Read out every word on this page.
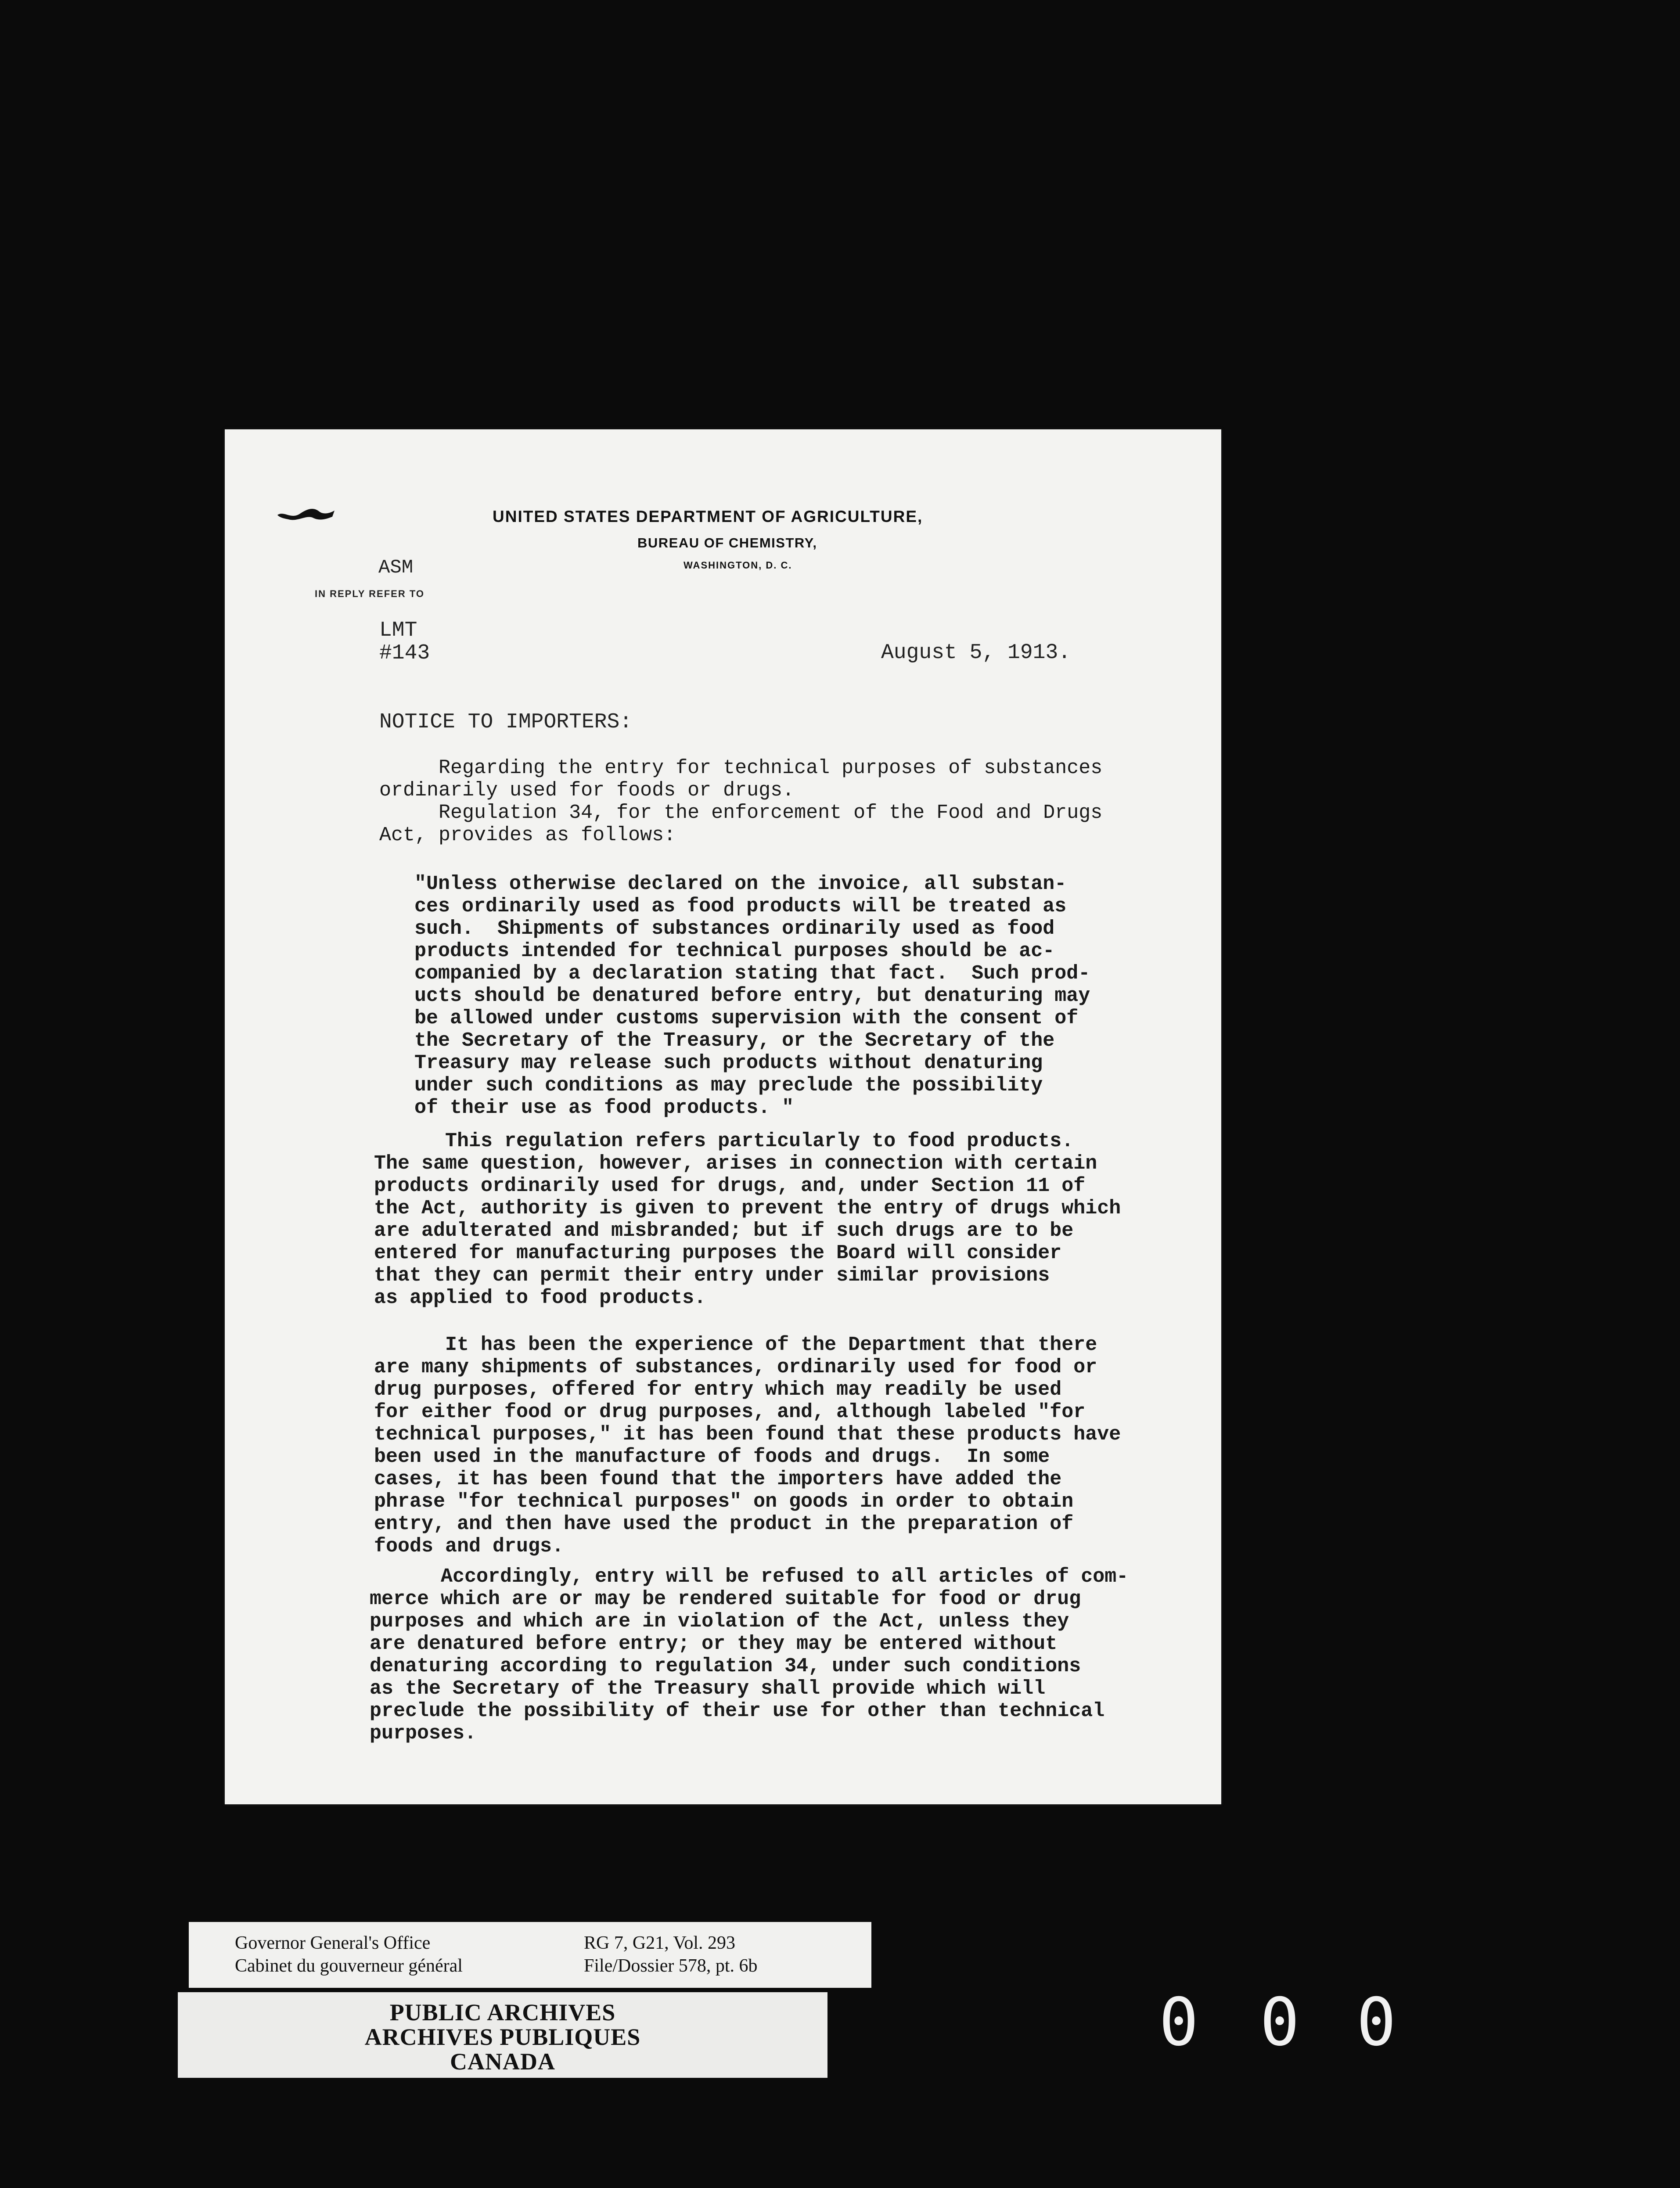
UNITED STATES DEPARTMENT OF AGRICULTURE,
BUREAU OF CHEMISTRY,
WASHINGTON, D. C.
ASM
IN REPLY REFER TO
LMT
#143	August 5, 1913.
NOTICE TO IMPORTERS:
Regarding the entry for technical purposes of substances
ordinarily used for foods or drugs.
Regulation 34, for the enforcement of the Food and Drugs
Act, provides as follows:
"Unless otherwise declared on the invoice, all substan-
ces ordinarily used as food products will be treated as
such.  Shipments of substances ordinarily used as food
products intended for technical purposes should be ac-
companied by a declaration stating that fact.  Such prod-
ucts should be denatured before entry, but denaturing may
be allowed under customs supervision with the consent of
the Secretary of the Treasury, or the Secretary of the
Treasury may release such products without denaturing
under such conditions as may preclude the possibility
of their use as food products. "
This regulation refers particularly to food products.
The same question, however, arises in connection with certain
products ordinarily used for drugs, and, under Section 11 of
the Act, authority is given to prevent the entry of drugs which
are adulterated and misbranded; but if such drugs are to be
entered for manufacturing purposes the Board will consider
that they can permit their entry under similar provisions
as applied to food products.
It has been the experience of the Department that there
are many shipments of substances, ordinarily used for food or
drug purposes, offered for entry which may readily be used
for either food or drug purposes, and, although labeled "for
technical purposes," it has been found that these products have
been used in the manufacture of foods and drugs.  In some
cases, it has been found that the importers have added the
phrase "for technical purposes" on goods in order to obtain
entry, and then have used the product in the preparation of
foods and drugs.
Accordingly, entry will be refused to all articles of com-
merce which are or may be rendered suitable for food or drug
purposes and which are in violation of the Act, unless they
are denatured before entry; or they may be entered without
denaturing according to regulation 34, under such conditions
as the Secretary of the Treasury shall provide which will
preclude the possibility of their use for other than technical
purposes.
Governor General's Office
Cabinet du gouverneur général
RG 7, G21, Vol. 293
File/Dossier 578, pt. 6b
PUBLIC ARCHIVES
ARCHIVES PUBLIQUES
CANADA
0 0 0
